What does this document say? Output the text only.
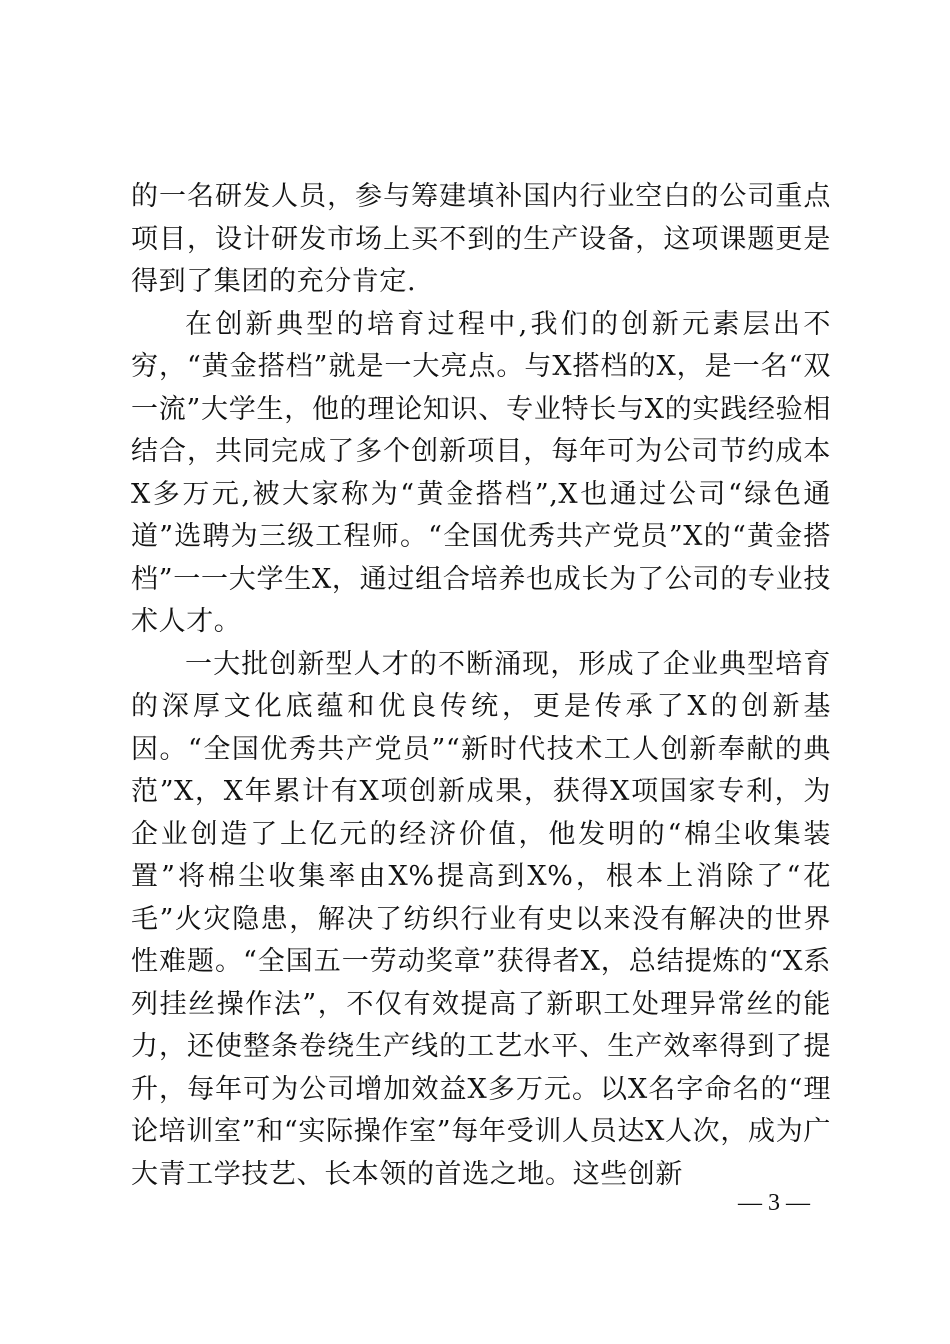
的一名研发人员，参与筹建填补国内行业空白的公司重点项目，设计研发市场上买不到的生产设备，这项课题更是得到了集团的充分肯定.

在创新典型的培育过程中,我们的创新元素层出不穷，“黄金搭档”就是一大亮点。与X搭档的X，是一名“双一流”大学生，他的理论知识、专业特长与X的实践经验相结合，共同完成了多个创新项目，每年可为公司节约成本X多万元,被大家称为“黄金搭档”,X也通过公司“绿色通道”选聘为三级工程师。“全国优秀共产党员”X的“黄金搭档”一一大学生X，通过组合培养也成长为了公司的专业技术人才。

一大批创新型人才的不断涌现，形成了企业典型培育的深厚文化底蕴和优良传统，更是传承了X的创新基因。“全国优秀共产党员”“新时代技术工人创新奉献的典范”X，X年累计有X项创新成果，获得X项国家专利，为企业创造了上亿元的经济价值，他发明的“棉尘收集装置”将棉尘收集率由X%提高到X%，根本上消除了“花毛”火灾隐患，解决了纺织行业有史以来没有解决的世界性难题。“全国五一劳动奖章”获得者X，总结提炼的“X系列挂丝操作法”，不仅有效提高了新职工处理异常丝的能力，还使整条卷绕生产线的工艺水平、生产效率得到了提升，每年可为公司增加效益X多万元。以X名字命名的“理论培训室”和“实际操作室”每年受训人员达X人次，成为广大青工学技艺、长本领的首选之地。这些创新

— 3 —
